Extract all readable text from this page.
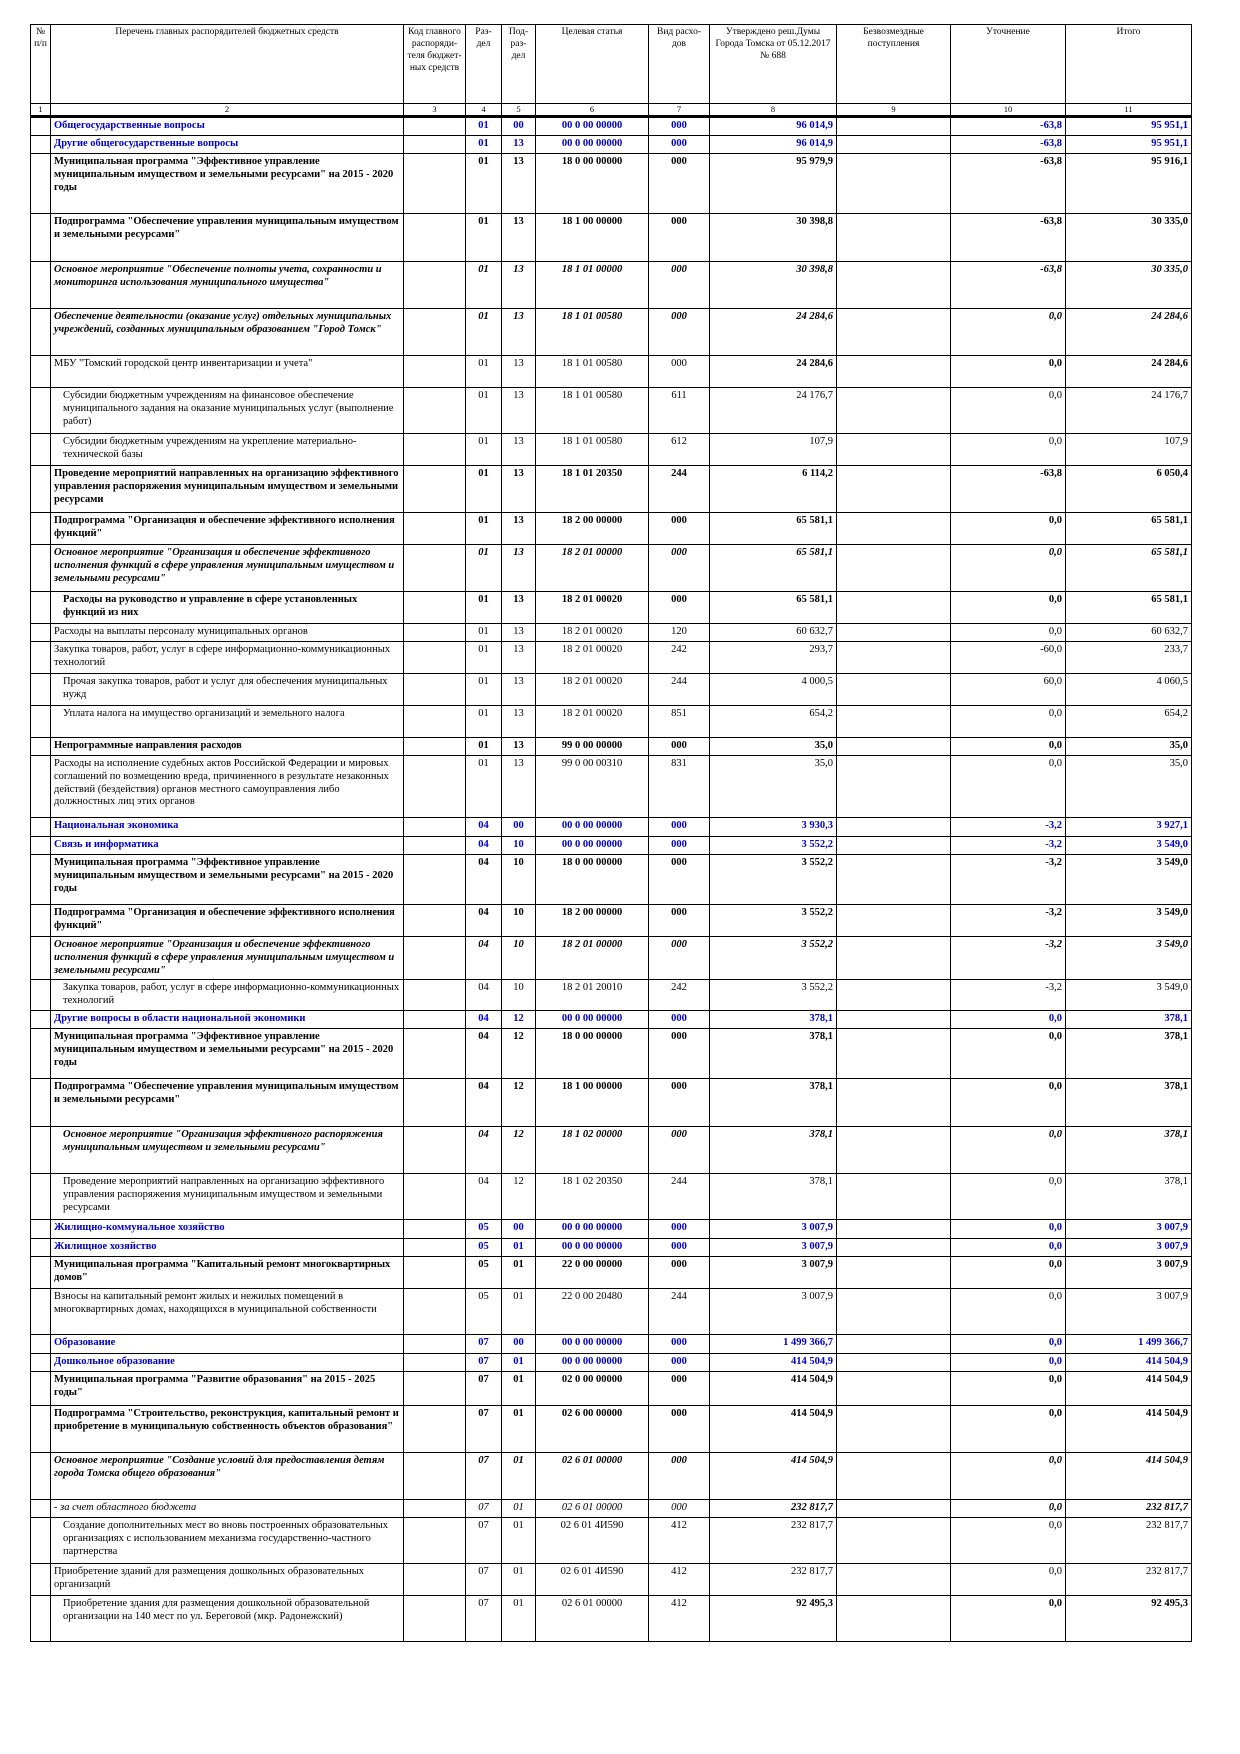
№ п/п	Перечень главных распорядителей бюджетных средств	Код главного распоряди-теля бюджет-ных средств	Раз-дел	Под-раз-дел	Целевая статья	Вид расхо-дов	Утверждено реш.Думы Города Томска от 05.12.2017 № 688	Безвозмездные поступления	Уточнение	Итого
1	2	3	4	5	6	7	8	9	10	11
	Общегосударственные вопросы		01	00	00 0 00 00000	000	96 014,9		-63,8	95 951,1
	Другие общегосударственные вопросы		01	13	00 0 00 00000	000	96 014,9		-63,8	95 951,1
	Муниципальная программа "Эффективное управление муниципальным имуществом и земельными ресурсами" на 2015 - 2020 годы		01	13	18 0 00 00000	000	95 979,9		-63,8	95 916,1
	Подпрограмма "Обеспечение управления муниципальным имуществом и земельными ресурсами"		01	13	18 1 00 00000	000	30 398,8		-63,8	30 335,0
	Основное мероприятие "Обеспечение полноты учета, сохранности и мониторинга использования муниципального имущества"		01	13	18 1 01 00000	000	30 398,8		-63,8	30 335,0
	Обеспечение деятельности (оказание услуг) отдельных муниципальных учреждений, созданных муниципальным образованием "Город Томск"		01	13	18 1 01 00580	000	24 284,6		0,0	24 284,6
	МБУ "Томский городской центр инвентаризации и учета"		01	13	18 1 01 00580	000	24 284,6		0,0	24 284,6
	Субсидии бюджетным учреждениям на финансовое обеспечение муниципального задания на оказание муниципальных услуг (выполнение работ)		01	13	18 1 01 00580	611	24 176,7		0,0	24 176,7
	Субсидии бюджетным учреждениям на укрепление материально-технической базы		01	13	18 1 01 00580	612	107,9		0,0	107,9
	Проведение мероприятий направленных на организацию эффективного управления распоряжения муниципальным имуществом и земельными ресурсами		01	13	18 1 01 20350	244	6 114,2		-63,8	6 050,4
	Подпрограмма "Организация и обеспечение эффективного исполнения функций"		01	13	18 2 00 00000	000	65 581,1		0,0	65 581,1
	Основное мероприятие "Организация и обеспечение эффективного исполнения функций в сфере управления муниципальным имуществом и земельными ресурсами"		01	13	18 2 01 00000	000	65 581,1		0,0	65 581,1
	Расходы на руководство и управление в сфере установленных функций из них		01	13	18 2 01 00020	000	65 581,1		0,0	65 581,1
	Расходы на выплаты персоналу муниципальных органов		01	13	18 2 01 00020	120	60 632,7		0,0	60 632,7
	Закупка товаров, работ, услуг в сфере информационно-коммуникационных технологий		01	13	18 2 01 00020	242	293,7		-60,0	233,7
	Прочая закупка товаров, работ и услуг для обеспечения муниципальных нужд		01	13	18 2 01 00020	244	4 000,5		60,0	4 060,5
	Уплата налога на имущество организаций и земельного налога		01	13	18 2 01 00020	851	654,2		0,0	654,2
	Непрограммные направления расходов		01	13	99 0 00 00000	000	35,0		0,0	35,0
	Расходы на исполнение судебных актов Российской Федерации и мировых соглашений по возмещению вреда, причиненного в результате незаконных действий (бездействия) органов местного самоуправления либо должностных лиц этих органов		01	13	99 0 00 00310	831	35,0		0,0	35,0
	Национальная экономика		04	00	00 0 00 00000	000	3 930,3		-3,2	3 927,1
	Связь и информатика		04	10	00 0 00 00000	000	3 552,2		-3,2	3 549,0
	Муниципальная программа "Эффективное управление муниципальным имуществом и земельными ресурсами" на 2015 - 2020 годы		04	10	18 0 00 00000	000	3 552,2		-3,2	3 549,0
	Подпрограмма "Организация и обеспечение эффективного исполнения функций"		04	10	18 2 00 00000	000	3 552,2		-3,2	3 549,0
	Основное мероприятие "Организация и обеспечение эффективного исполнения функций в сфере управления муниципальным имуществом и земельными ресурсами"		04	10	18 2 01 00000	000	3 552,2		-3,2	3 549,0
	Закупка товаров, работ, услуг в сфере информационно-коммуникационных технологий		04	10	18 2 01 20010	242	3 552,2		-3,2	3 549,0
	Другие вопросы в области национальной экономики		04	12	00 0 00 00000	000	378,1		0,0	378,1
	Муниципальная программа "Эффективное управление муниципальным имуществом и земельными ресурсами" на 2015 - 2020 годы		04	12	18 0 00 00000	000	378,1		0,0	378,1
	Подпрограмма "Обеспечение управления муниципальным имуществом и земельными ресурсами"		04	12	18 1 00 00000	000	378,1		0,0	378,1
	Основное мероприятие "Организация эффективного распоряжения муниципальным имуществом и земельными ресурсами"		04	12	18 1 02 00000	000	378,1		0,0	378,1
	Проведение мероприятий направленных на организацию эффективного управления распоряжения муниципальным имуществом и земельными ресурсами		04	12	18 1 02 20350	244	378,1		0,0	378,1
	Жилищно-коммунальное хозяйство		05	00	00 0 00 00000	000	3 007,9		0,0	3 007,9
	Жилищное хозяйство		05	01	00 0 00 00000	000	3 007,9		0,0	3 007,9
	Муниципальная программа "Капитальный ремонт многоквартирных домов"		05	01	22 0 00 00000	000	3 007,9		0,0	3 007,9
	Взносы на капитальный ремонт жилых и нежилых помещений в многоквартирных домах, находящихся в муниципальной собственности		05	01	22 0 00 20480	244	3 007,9		0,0	3 007,9
	Образование		07	00	00 0 00 00000	000	1 499 366,7		0,0	1 499 366,7
	Дошкольное образование		07	01	00 0 00 00000	000	414 504,9		0,0	414 504,9
	Муниципальная программа "Развитие образования" на 2015 - 2025 годы"		07	01	02 0 00 00000	000	414 504,9		0,0	414 504,9
	Подпрограмма "Строительство, реконструкция, капитальный ремонт и приобретение в муниципальную собственность объектов образования"		07	01	02 6 00 00000	000	414 504,9		0,0	414 504,9
	Основное мероприятие "Создание условий для предоставления детям города Томска общего образования"		07	01	02 6 01 00000	000	414 504,9		0,0	414 504,9
	- за счет областного бюджета		07	01	02 6 01 00000	000	232 817,7		0,0	232 817,7
	Создание дополнительных мест во вновь построенных образовательных организациях с использованием механизма государственно-частного партнерства		07	01	02 6 01 4И590	412	232 817,7		0,0	232 817,7
	Приобретение зданий для размещения дошкольных образовательных организаций		07	01	02 6 01 4И590	412	232 817,7		0,0	232 817,7
	Приобретение здания для размещения дошкольной образовательной организации на 140 мест по ул. Береговой (мкр. Радонежский)		07	01	02 6 01 00000	412	92 495,3		0,0	92 495,3
